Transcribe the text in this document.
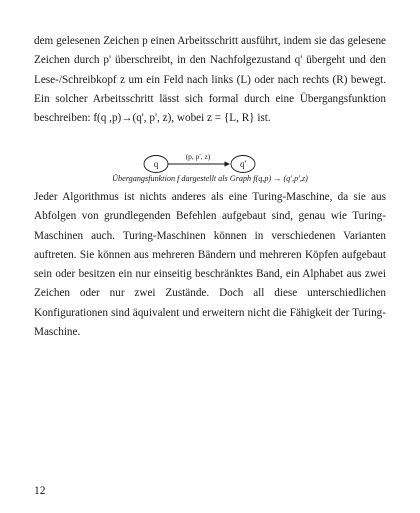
dem gelesenen Zeichen p einen Arbeitsschritt ausführt, indem sie das gelesene Zeichen durch p' überschreibt, in den Nachfolgezustand q' übergeht und den Lese-/Schreibkopf z um ein Feld nach links (L) oder nach rechts (R) bewegt. Ein solcher Arbeitsschritt lässt sich formal durch eine Übergangsfunktion beschreiben: f(q ,p)→(q', p', z), wobei z = {L, R} ist.

q
(p, p', z)
q'
Übergangsfunktion f dargestellt als Graph f(q,p) → (q',p',z)

Jeder Algorithmus ist nichts anderes als eine Turing-Maschine, da sie aus Abfolgen von grundlegenden Befehlen aufgebaut sind, genau wie Turing-Maschinen auch. Turing-Maschinen können in verschiedenen Varianten auftreten. Sie können aus mehreren Bändern und mehreren Köpfen aufgebaut sein oder besitzen ein nur einseitig beschränktes Band, ein Alphabet aus zwei Zeichen oder nur zwei Zustände. Doch all diese unterschiedlichen Konfigurationen sind äquivalent und erweitern nicht die Fähigkeit der Turing-Maschine.

12
